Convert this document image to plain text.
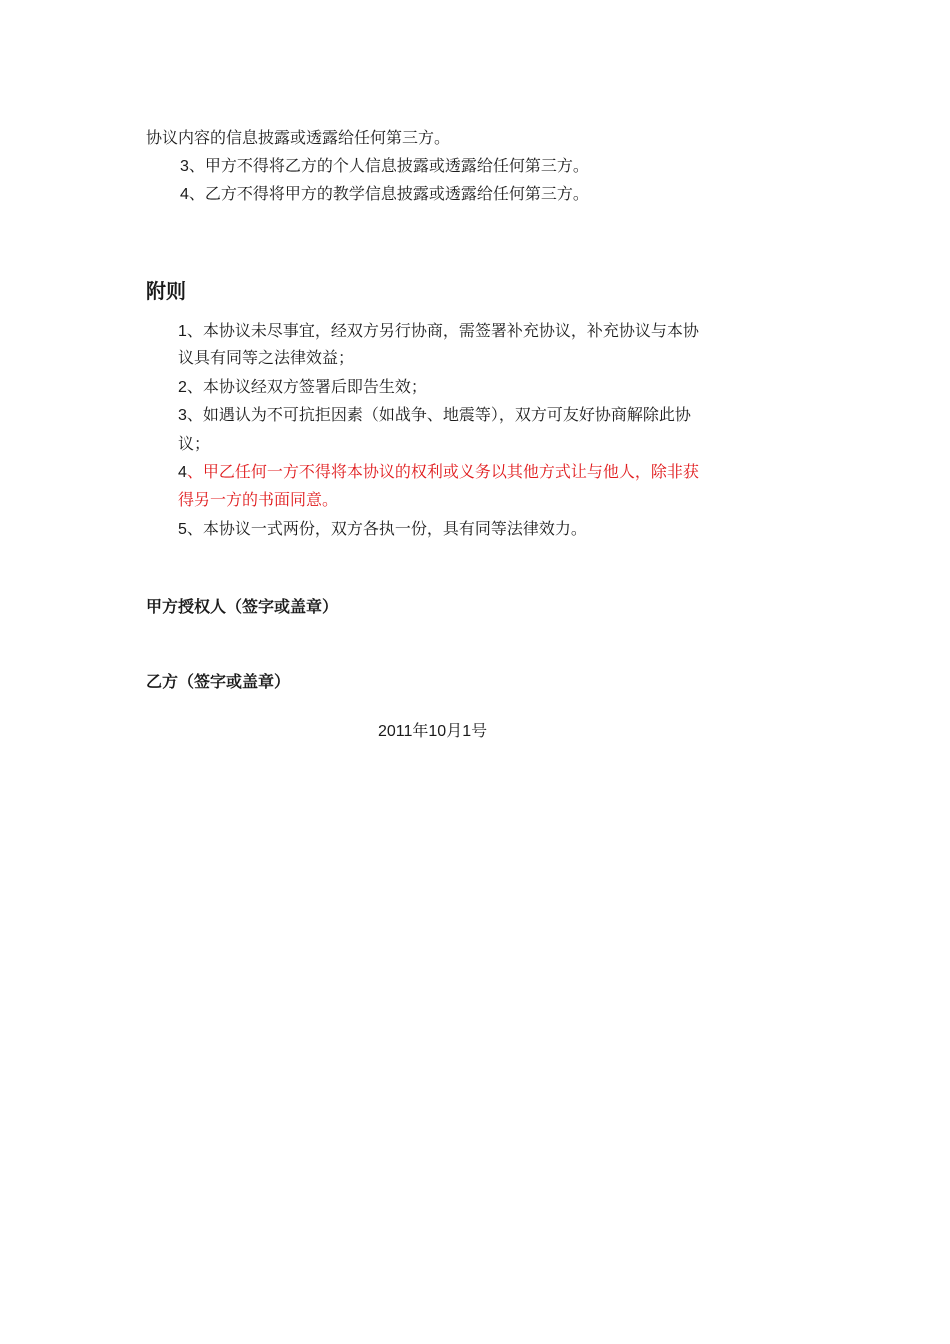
协议内容的信息披露或透露给任何第三方。
3、甲方不得将乙方的个人信息披露或透露给任何第三方。
4、乙方不得将甲方的教学信息披露或透露给任何第三方。
附则
1、本协议未尽事宜，经双方另行协商，需签署补充协议，补充协议与本协
议具有同等之法律效益；
2、本协议经双方签署后即告生效；
3、如遇认为不可抗拒因素（如战争、地震等），双方可友好协商解除此协
议；
4、甲乙任何一方不得将本协议的权利或义务以其他方式让与他人，除非获
得另一方的书面同意。
5、本协议一式两份，双方各执一份，具有同等法律效力。
甲方授权人（签字或盖章）
乙方（签字或盖章）
2011年10月1号
